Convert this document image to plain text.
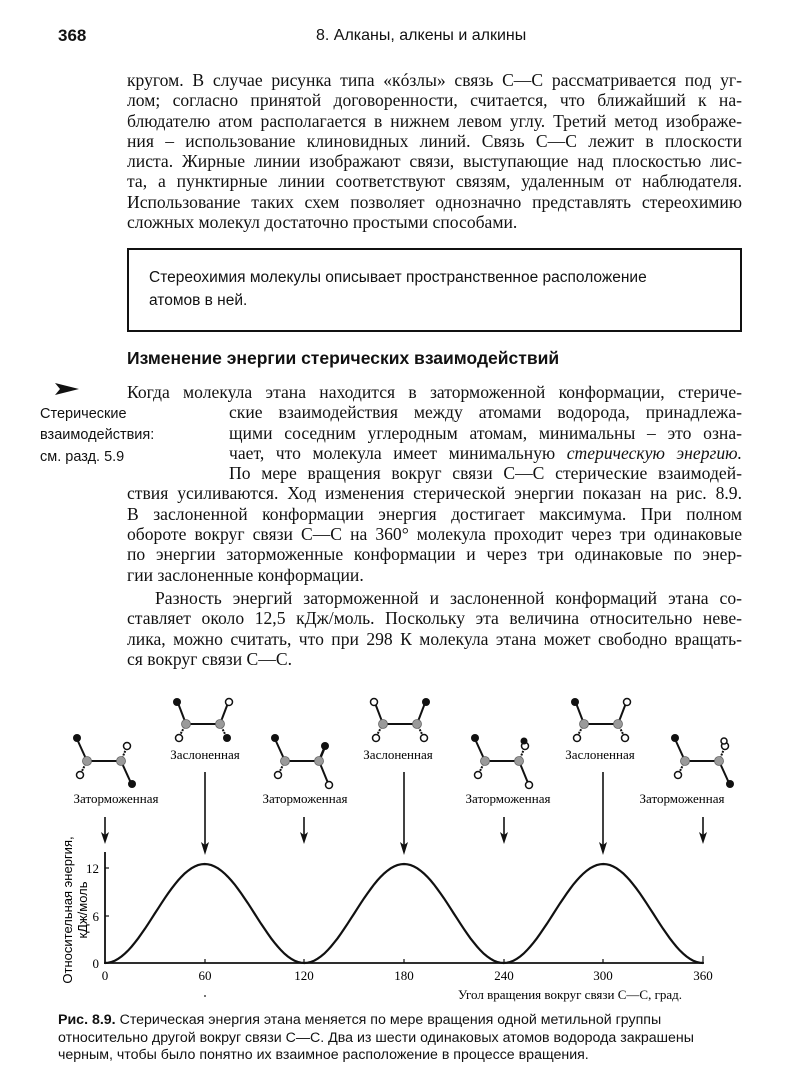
368	8. Алканы, алкены и алкины
кругом. В случае рисунка типа «кóзлы» связь С—С рассматривается под уг-
лом; согласно принятой договоренности, считается, что ближайший к на-
блюдателю атом располагается в нижнем левом углу. Третий метод изображе-
ния – использование клиновидных линий. Связь С—С лежит в плоскости
листа. Жирные линии изображают связи, выступающие над плоскостью лис-
та, а пунктирные линии соответствуют связям, удаленным от наблюдателя.
Использование таких схем позволяет однозначно представлять стереохимию
сложных молекул достаточно простыми способами.
Стереохимия молекулы описывает пространственное расположение
атомов в ней.
Изменение энергии стерических взаимодействий
Стерические
взаимодействия:
см. разд. 5.9
Когда молекула этана находится в заторможенной конформации, стериче-
ские взаимодействия между атомами водорода, принадлежа-
щими соседним углеродным атомам, минимальны – это озна-
чает, что молекула имеет минимальную стерическую энергию.
По мере вращения вокруг связи С—С стерические взаимодей-
ствия усиливаются. Ход изменения стерической энергии показан на рис. 8.9.
В заслоненной конформации энергия достигает максимума. При полном
обороте вокруг связи С—С на 360° молекула проходит через три одинаковые
по энергии заторможенные конформации и через три одинаковые по энер-
гии заслоненные конформации.
Разность энергий заторможенной и заслоненной конформаций этана со-
ставляет около 12,5 кДж/моль. Поскольку эта величина относительно неве-
лика, можно считать, что при 298 К молекула этана может свободно вращать-
ся вокруг связи С—С.
Заторможенная
Заслоненная
Заторможенная
Заслоненная
Заторможенная
Заслоненная
Заторможенная
12
6
0
0	60	120	180	240	300	360
Угол вращения вокруг связи С—С, град.
Относительная энергия, кДж/моль
Рис. 8.9. Стерическая энергия этана меняется по мере вращения одной метильной группы относительно другой вокруг связи С—С. Два из шести одинаковых атомов водорода закрашены черным, чтобы было понятно их взаимное расположение в процессе вращения.
